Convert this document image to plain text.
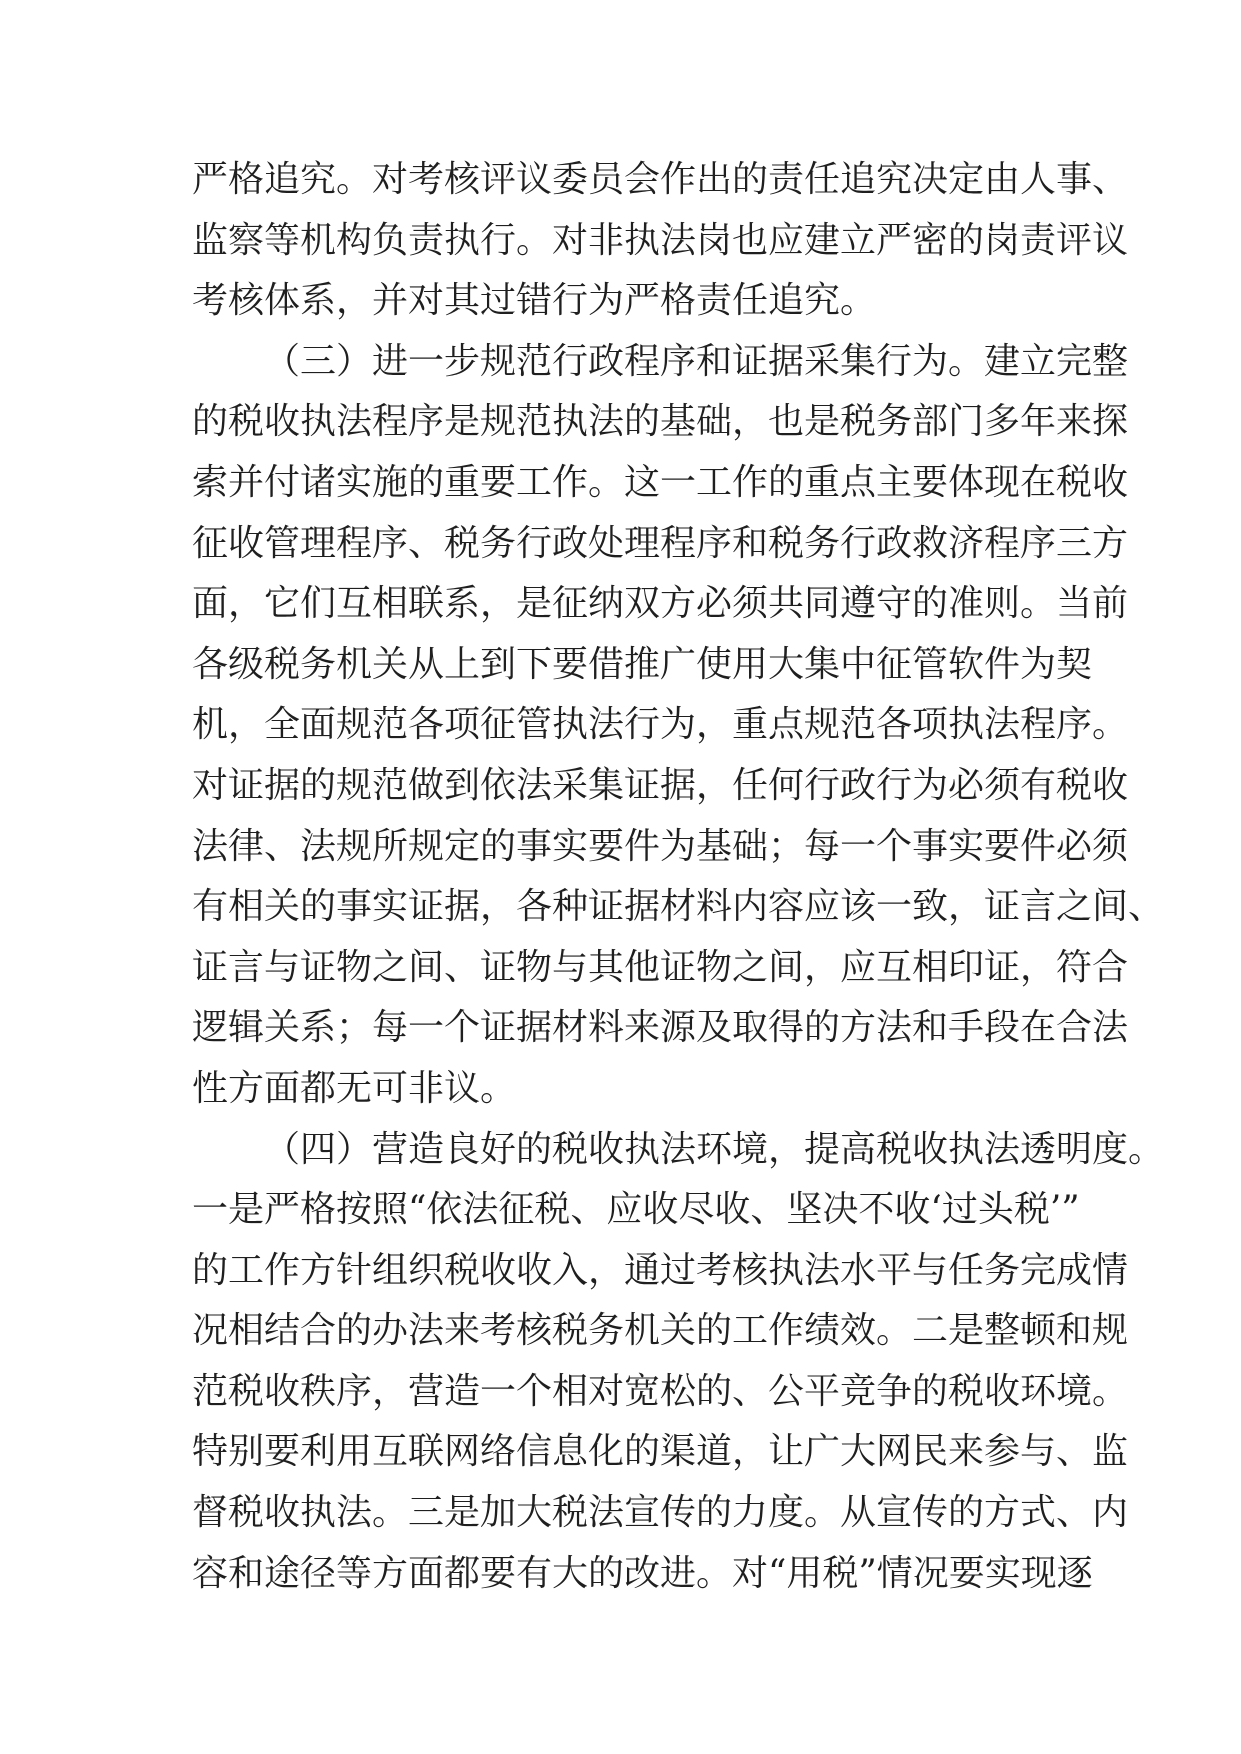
严格追究。对考核评议委员会作出的责任追究决定由人事、
监察等机构负责执行。对非执法岗也应建立严密的岗责评议
考核体系，并对其过错行为严格责任追究。
（三）进一步规范行政程序和证据采集行为。建立完整
的税收执法程序是规范执法的基础，也是税务部门多年来探
索并付诸实施的重要工作。这一工作的重点主要体现在税收
征收管理程序、税务行政处理程序和税务行政救济程序三方
面，它们互相联系，是征纳双方必须共同遵守的准则。当前
各级税务机关从上到下要借推广使用大集中征管软件为契
机，全面规范各项征管执法行为，重点规范各项执法程序。
对证据的规范做到依法采集证据，任何行政行为必须有税收
法律、法规所规定的事实要件为基础；每一个事实要件必须
有相关的事实证据，各种证据材料内容应该一致，证言之间、
证言与证物之间、证物与其他证物之间，应互相印证，符合
逻辑关系；每一个证据材料来源及取得的方法和手段在合法
性方面都无可非议。
（四）营造良好的税收执法环境，提高税收执法透明度。
一是严格按照“依法征税、应收尽收、坚决不收‘过头税’”
的工作方针组织税收收入，通过考核执法水平与任务完成情
况相结合的办法来考核税务机关的工作绩效。二是整顿和规
范税收秩序，营造一个相对宽松的、公平竞争的税收环境。
特别要利用互联网络信息化的渠道，让广大网民来参与、监
督税收执法。三是加大税法宣传的力度。从宣传的方式、内
容和途径等方面都要有大的改进。对“用税”情况要实现逐
